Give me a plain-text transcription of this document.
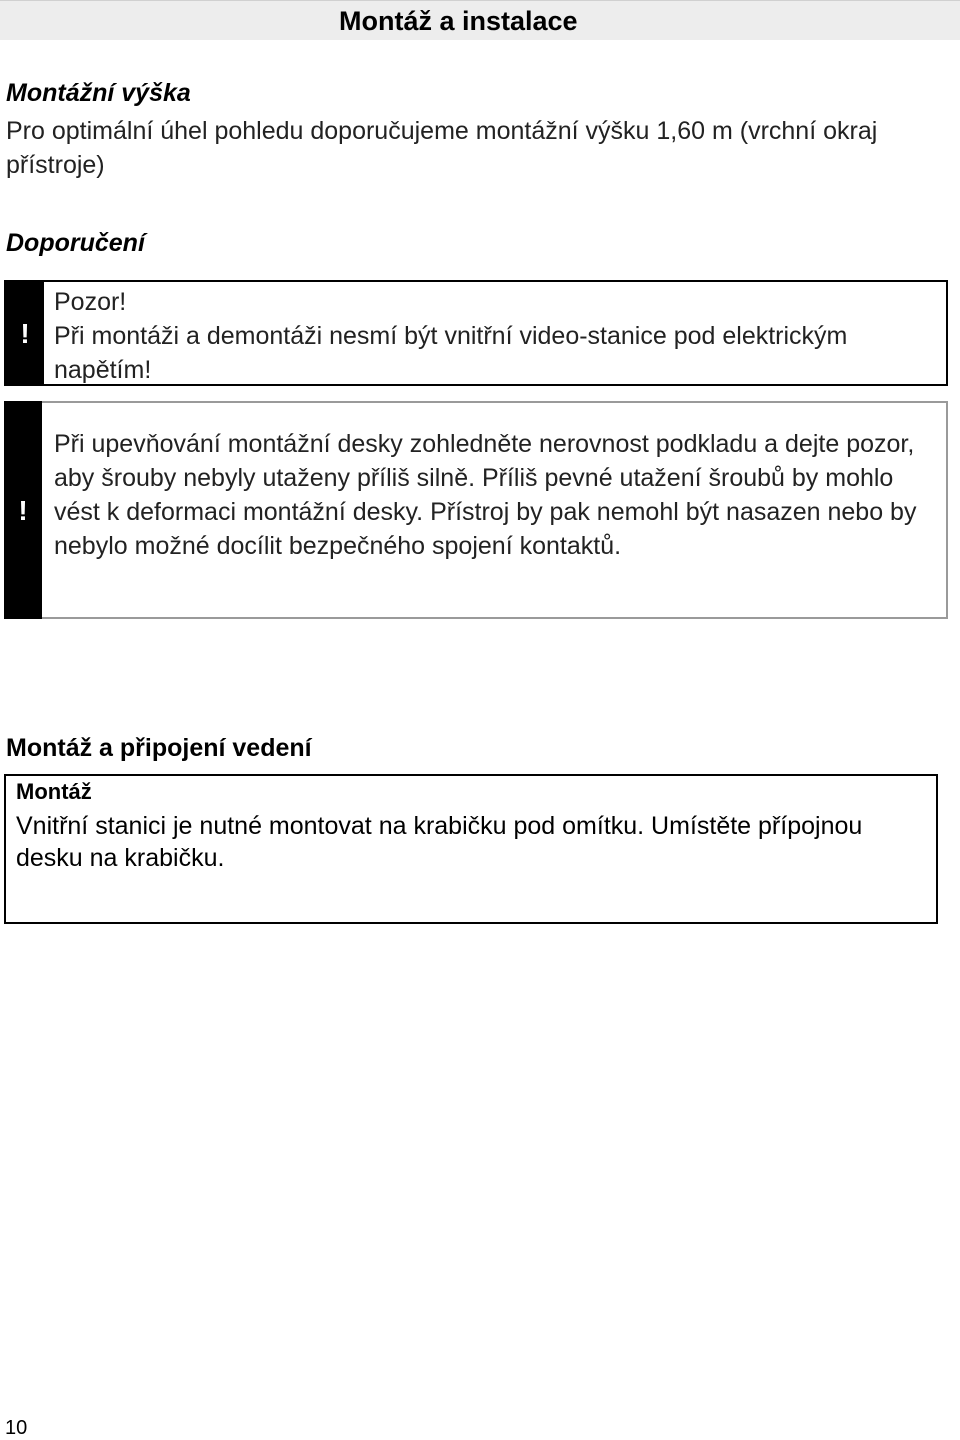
Montáž a instalace
Montážní výška
Pro optimální úhel pohledu doporučujeme montážní výšku 1,60 m (vrchní okraj přístroje)
Doporučení
!
Pozor!
Při montáži a demontáži nesmí být vnitřní video-stanice pod elektrickým napětím!
!
Při upevňování montážní desky zohledněte nerovnost podkladu a dejte pozor, aby šrouby nebyly utaženy příliš silně. Příliš pevné utažení šroubů by mohlo vést k deformaci montážní desky. Přístroj by pak nemohl být nasazen nebo by nebylo možné docílit bezpečného spojení kontaktů.
Montáž a připojení vedení
Montáž
Vnitřní stanici je nutné montovat na krabičku pod omítku. Umístěte přípojnou desku na krabičku.
10
